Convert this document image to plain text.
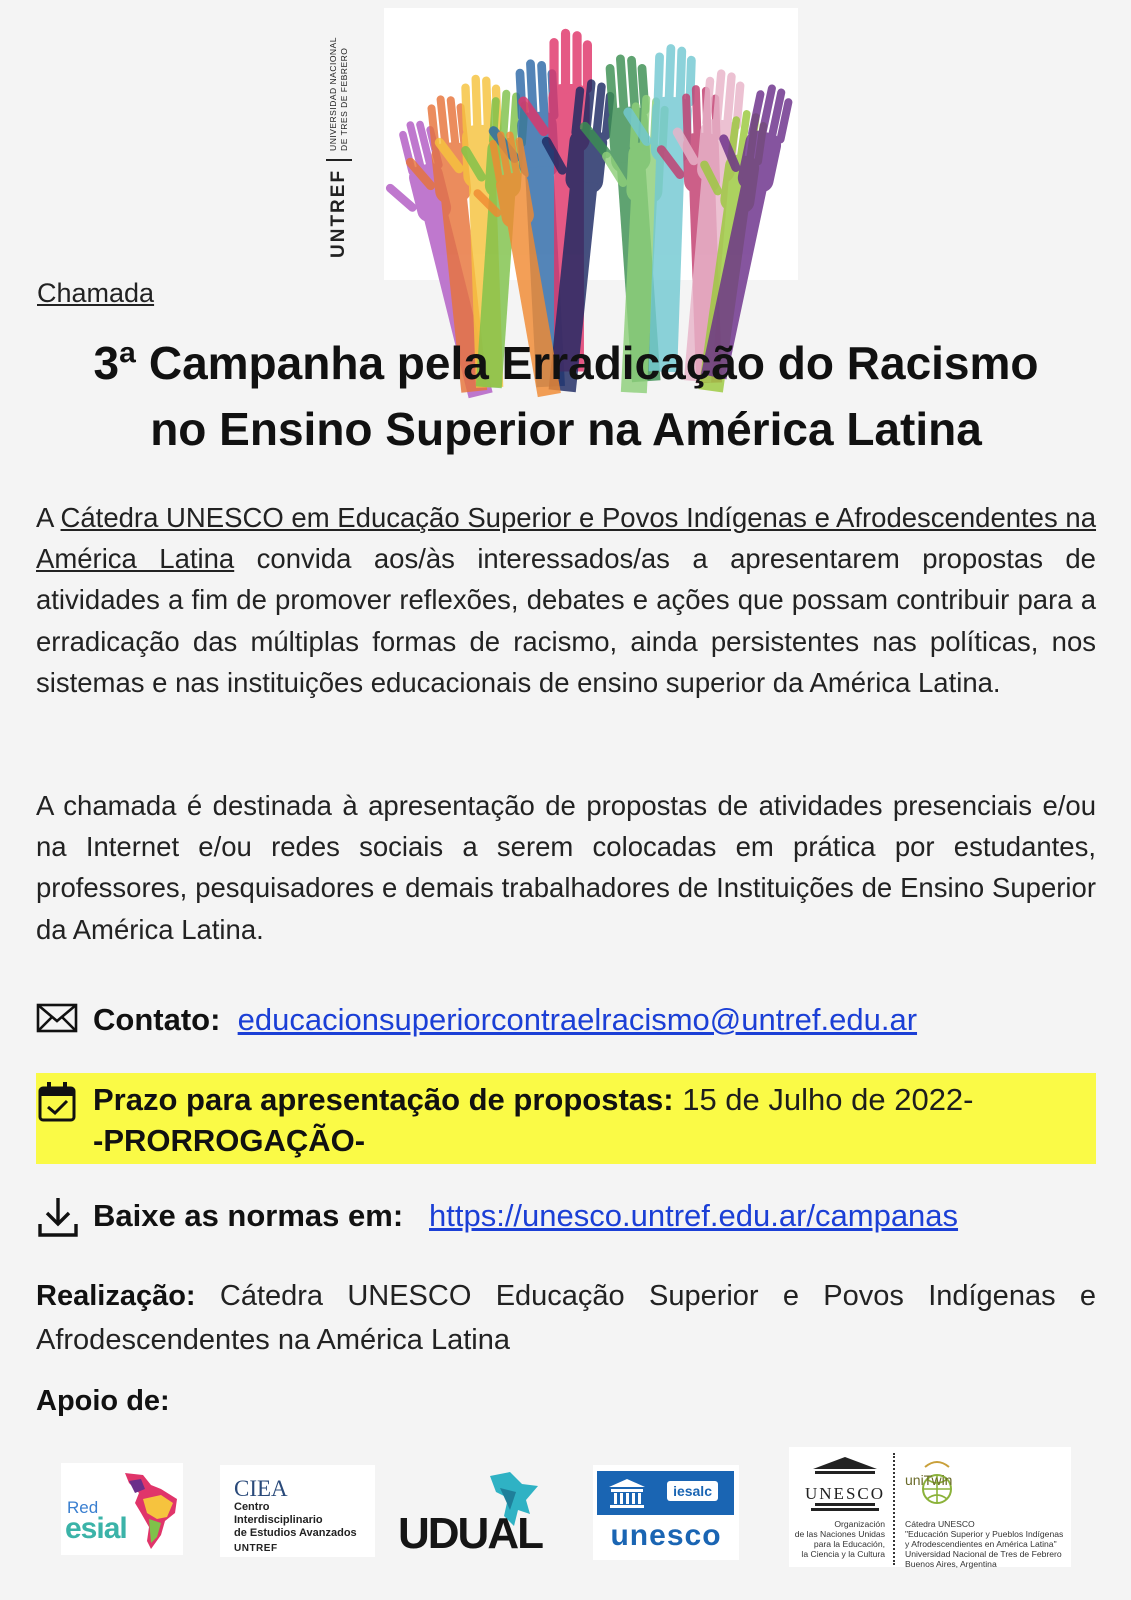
UNTREF
UNIVERSIDAD NACIONAL
DE TRES DE FEBRERO
Chamada
3ª Campanha pela Erradicação do Racismo
no Ensino Superior na América Latina

A Cátedra UNESCO em Educação Superior e Povos Indígenas e Afrodescendentes na América Latina convida aos/às interessados/as a apresentarem propostas de atividades a fim de promover reflexões, debates e ações que possam contribuir para a erradicação das múltiplas formas de racismo, ainda persistentes nas políticas, nos sistemas e nas instituições educacionais de ensino superior da América Latina.

A chamada é destinada à apresentação de propostas de atividades presenciais e/ou na Internet e/ou redes sociais a serem colocadas em prática por estudantes, professores, pesquisadores e demais trabalhadores de Instituições de Ensino Superior da América Latina.

Contato: educacionsuperiorcontraelracismo@untref.edu.ar
Prazo para apresentação de propostas: 15 de Julho de 2022-
-PRORROGAÇÃO-
Baixe as normas em: https://unesco.untref.edu.ar/campanas

Realização: Cátedra UNESCO Educação Superior e Povos Indígenas e Afrodescendentes na América Latina

Apoio de:
Red
esial
CIEA
Centro Interdisciplinario
de Estudios Avanzados
UNTREF	UDUAL
iesalc
unesco
UNESCO
Organización
de las Naciones Unidas
para la Educación,
la Ciencia y la Cultura
uniTwin
Cátedra UNESCO
"Educación Superior y Pueblos Indígenas
y Afrodescendientes en América Latina"
Universidad Nacional de Tres de Febrero
Buenos Aires, Argentina
